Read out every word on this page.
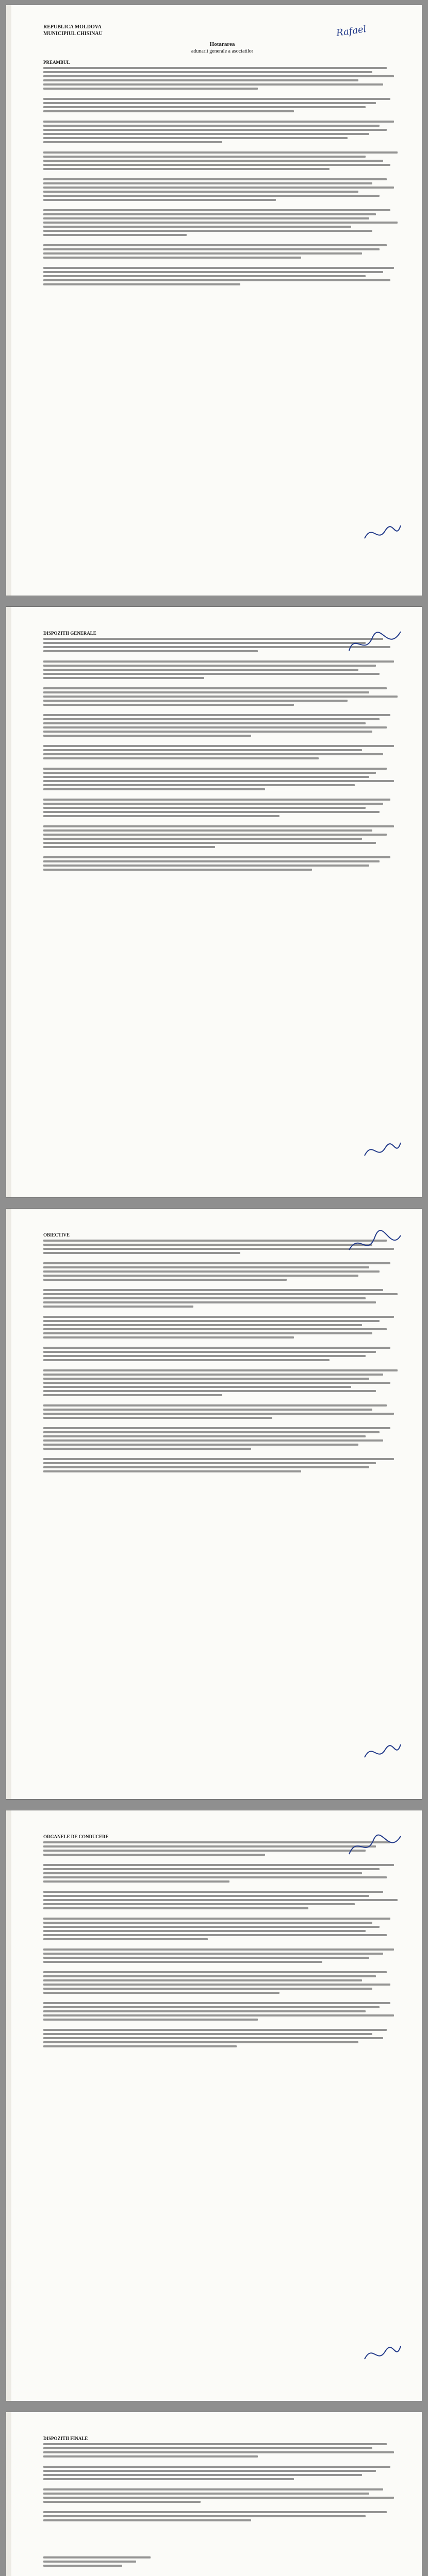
REPUBLICA MOLDOVA
MUNICIPIUL CHISINAU
Hotararea
adunarii generale a asociatilor
PREAMBUL
Rafael
DISPOZITII GENERALE
OBIECTIVE
ORGANELE DE CONDUCERE
DISPOZITII FINALE
